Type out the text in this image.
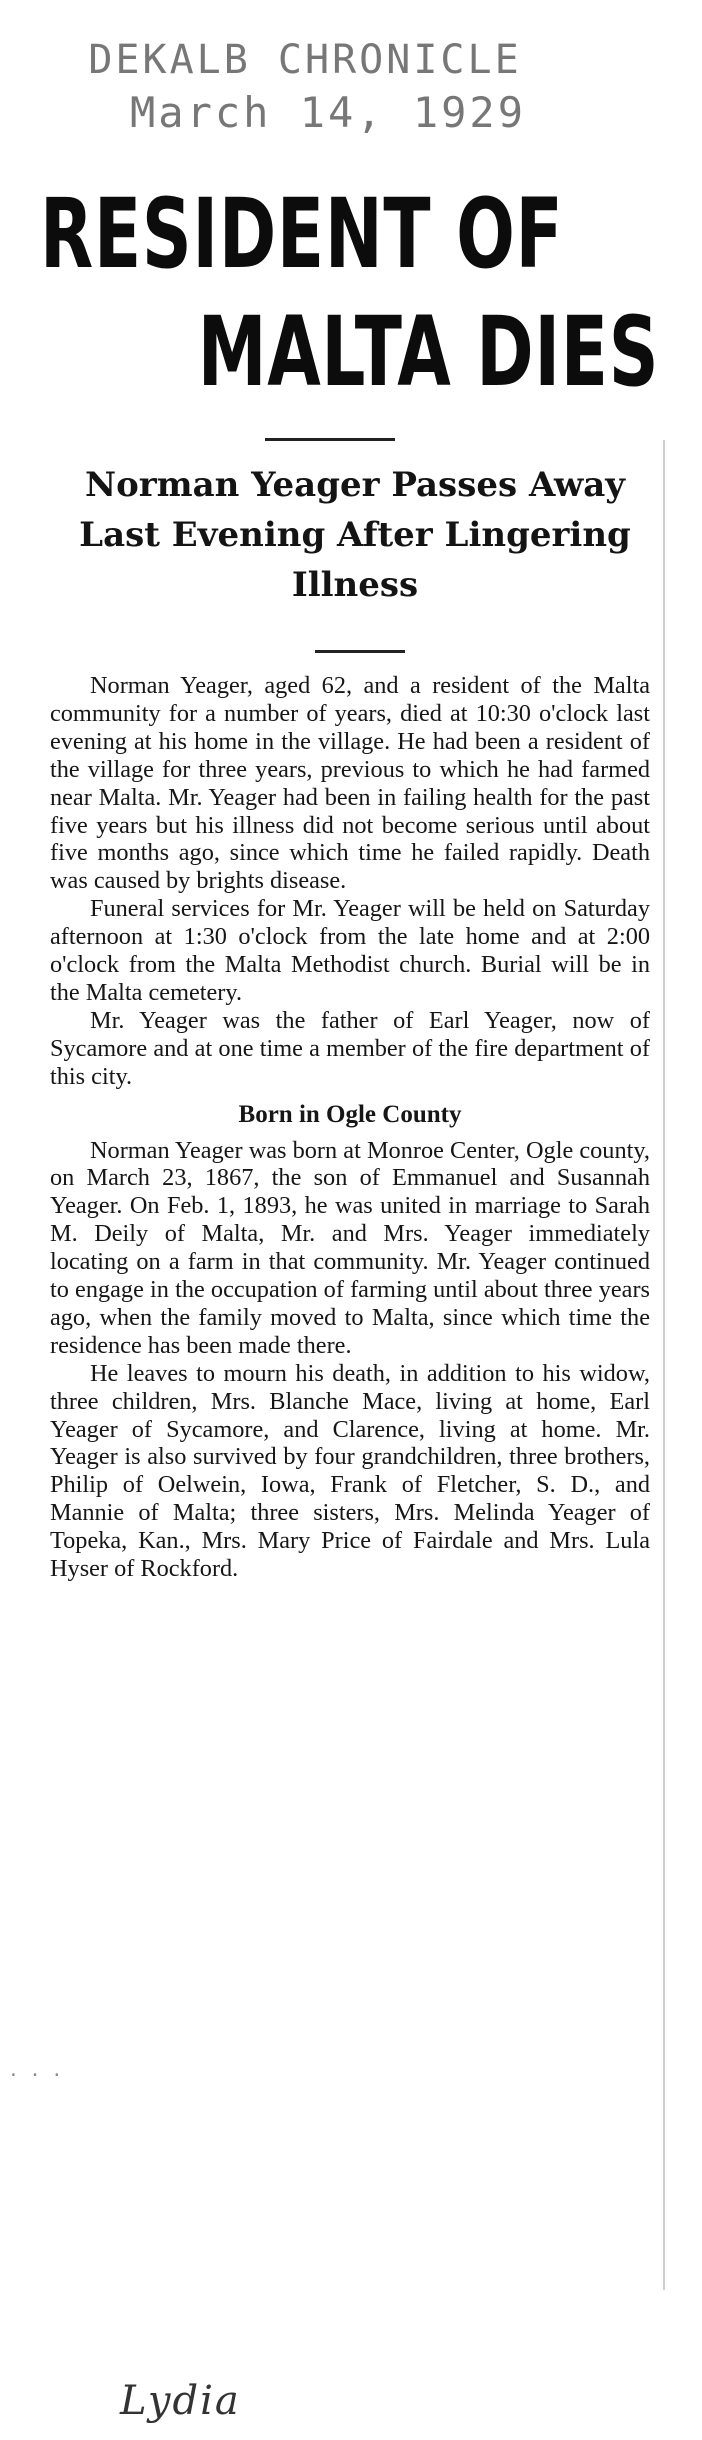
DEKALB CHRONICLE
March 14, 1929
RESIDENT OF
MALTA DIES
Norman Yeager Passes Away Last Evening After Lingering Illness

Norman Yeager, aged 62, and a resident of the Malta community for a number of years, died at 10:30 o'clock last evening at his home in the village. He had been a resident of the village for three years, previous to which he had farmed near Malta. Mr. Yeager had been in failing health for the past five years but his illness did not become serious until about five months ago, since which time he failed rapidly. Death was caused by brights disease.

Funeral services for Mr. Yeager will be held on Saturday afternoon at 1:30 o'clock from the late home and at 2:00 o'clock from the Malta Methodist church. Burial will be in the Malta cemetery.

Mr. Yeager was the father of Earl Yeager, now of Sycamore and at one time a member of the fire department of this city.

Born in Ogle County

Norman Yeager was born at Monroe Center, Ogle county, on March 23, 1867, the son of Emmanuel and Susannah Yeager. On Feb. 1, 1893, he was united in marriage to Sarah M. Deily of Malta, Mr. and Mrs. Yeager immediately locating on a farm in that community. Mr. Yeager continued to engage in the occupation of farming until about three years ago, when the family moved to Malta, since which time the residence has been made there.

He leaves to mourn his death, in addition to his widow, three children, Mrs. Blanche Mace, living at home, Earl Yeager of Sycamore, and Clarence, living at home. Mr. Yeager is also survived by four grandchildren, three brothers, Philip of Oelwein, Iowa, Frank of Fletcher, S. D., and Mannie of Malta; three sisters, Mrs. Melinda Yeager of Topeka, Kan., Mrs. Mary Price of Fairdale and Mrs. Lula Hyser of Rockford.

· · ·
Lydia
